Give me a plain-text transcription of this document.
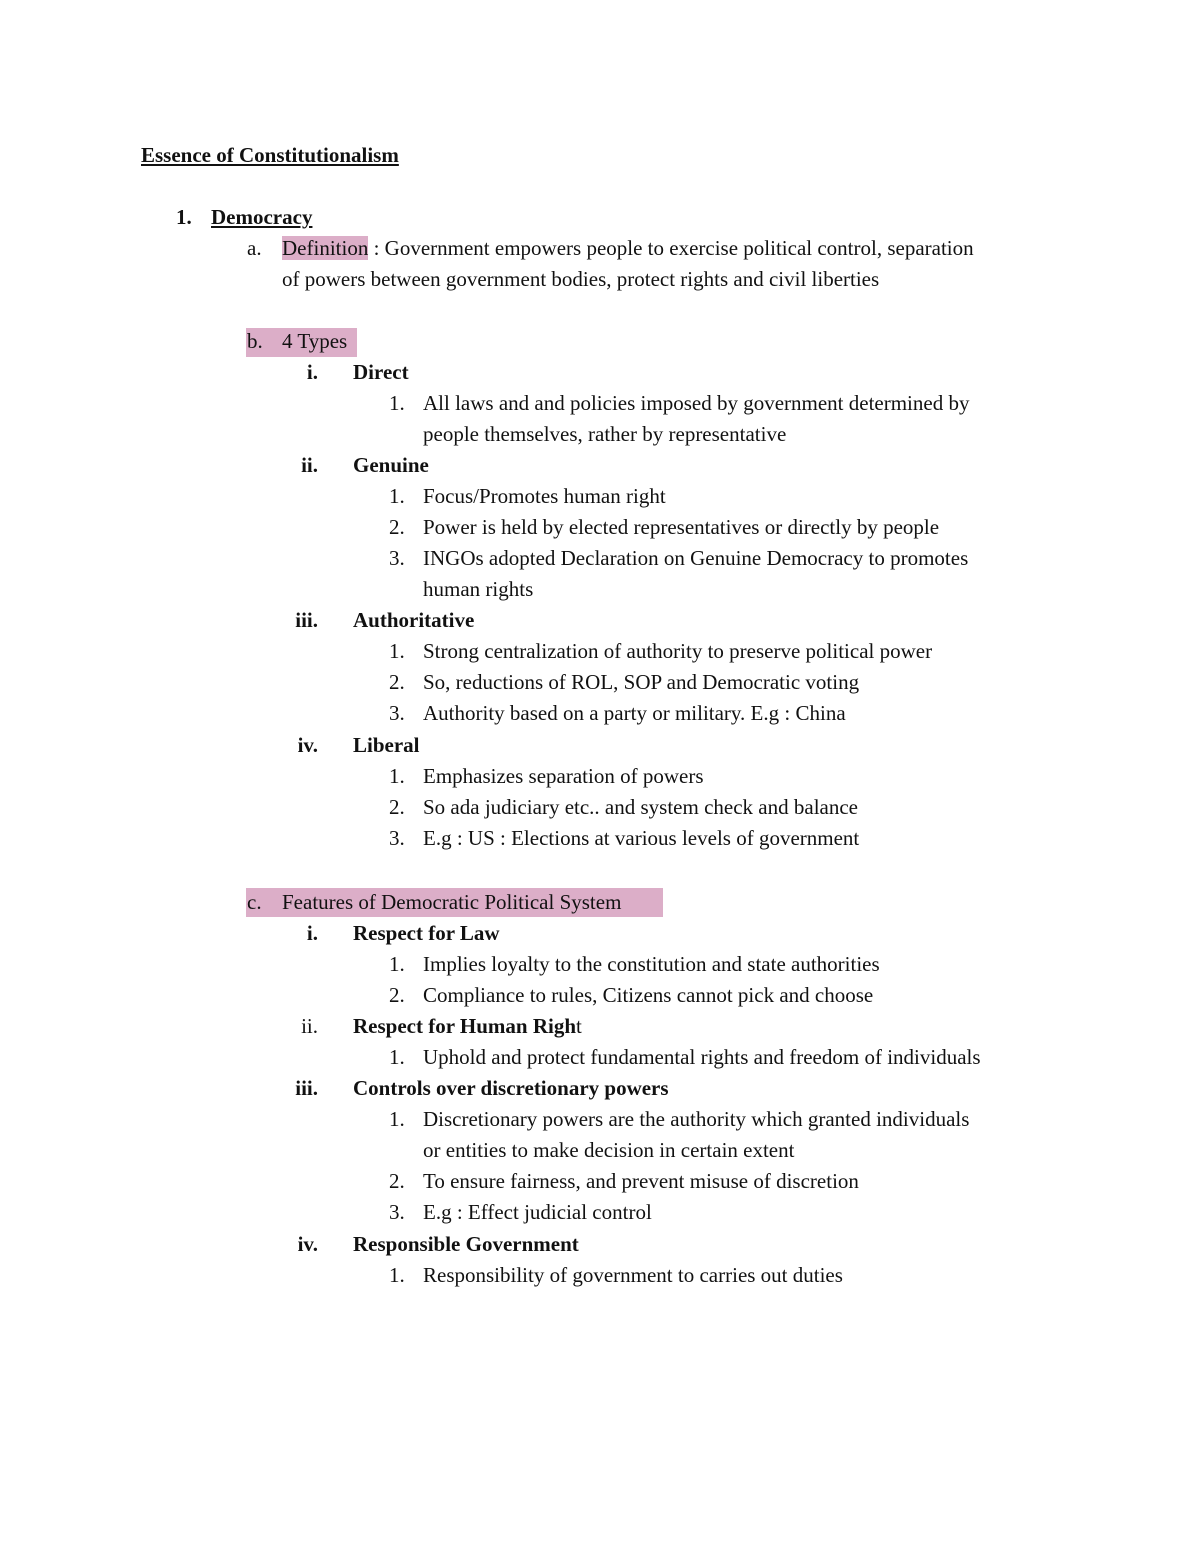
Essence of Constitutionalism
1. Democracy
a. Definition : Government empowers people to exercise political control, separation
of powers between government bodies, protect rights and civil liberties
b. 4 Types
i. Direct
1. All laws and and policies imposed by government determined by
people themselves, rather by representative
ii. Genuine
1. Focus/Promotes human right
2. Power is held by elected representatives or directly by people
3. INGOs adopted Declaration on Genuine Democracy to promotes
human rights
iii. Authoritative
1. Strong centralization of authority to preserve political power
2. So, reductions of ROL, SOP and Democratic voting
3. Authority based on a party or military. E.g : China
iv. Liberal
1. Emphasizes separation of powers
2. So ada judiciary etc.. and system check and balance
3. E.g : US : Elections at various levels of government
c. Features of Democratic Political System
i. Respect for Law
1. Implies loyalty to the constitution and state authorities
2. Compliance to rules, Citizens cannot pick and choose
ii. Respect for Human Right
1. Uphold and protect fundamental rights and freedom of individuals
iii. Controls over discretionary powers
1. Discretionary powers are the authority which granted individuals
or entities to make decision in certain extent
2. To ensure fairness, and prevent misuse of discretion
3. E.g : Effect judicial control
iv. Responsible Government
1. Responsibility of government to carries out duties
